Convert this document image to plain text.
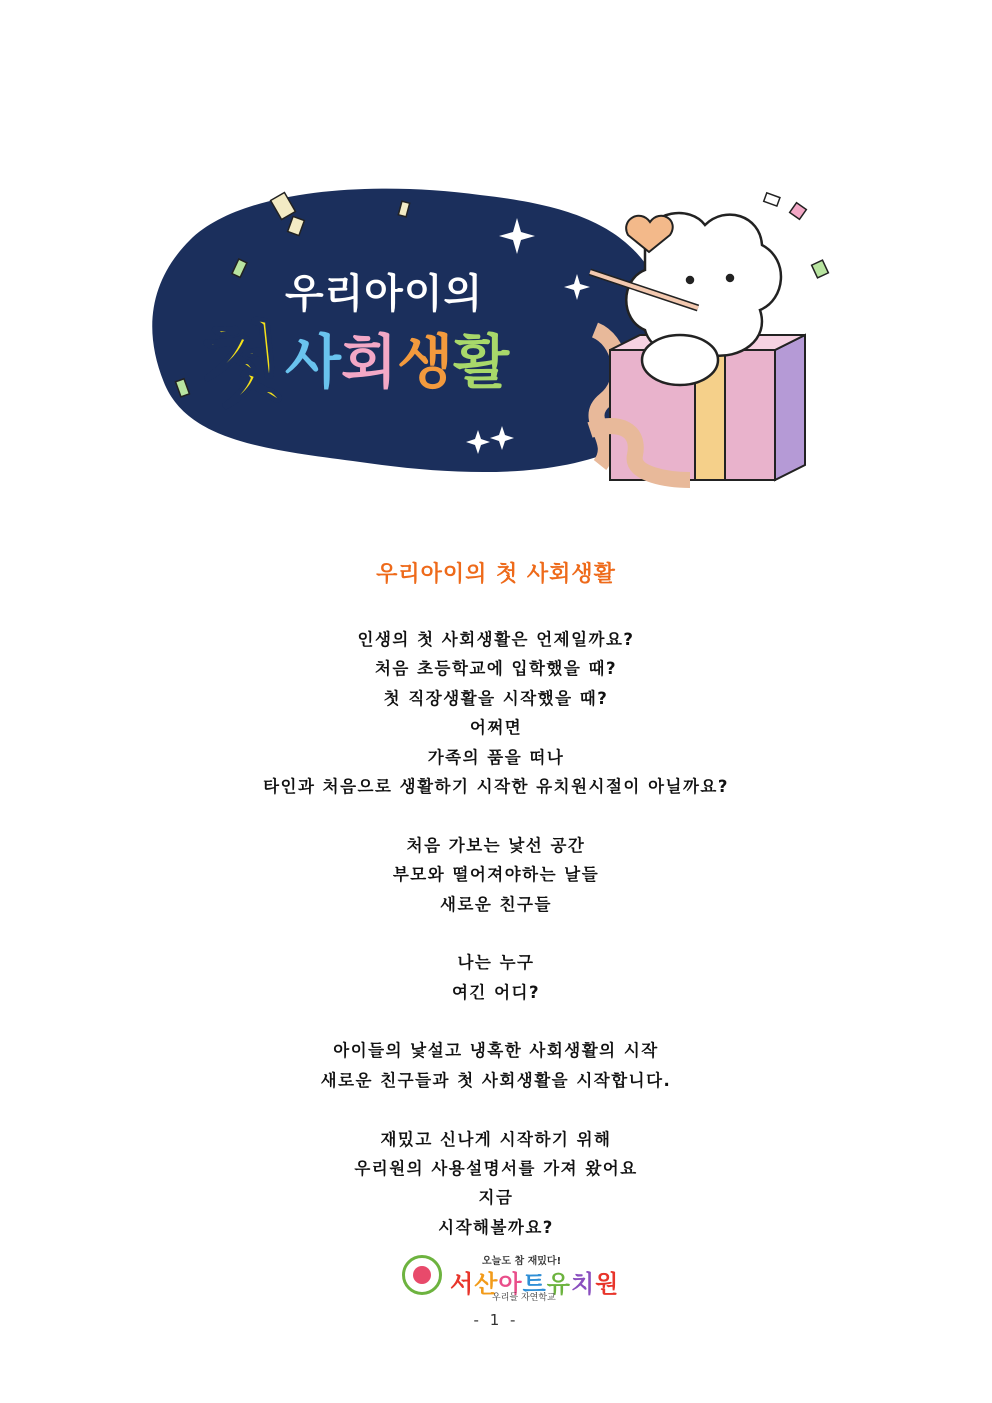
우리아이의
첫사회생활
우리아이의 첫 사회생활
인생의 첫 사회생활은 언제일까요?
처음 초등학교에 입학했을 때?
첫 직장생활을 시작했을 때?
어쩌면
가족의 품을 떠나
타인과 처음으로 생활하기 시작한 유치원시절이 아닐까요?
처음 가보는 낯선 공간
부모와 떨어져야하는 날들
새로운 친구들
나는 누구
여긴 어디?
아이들의 낯설고 냉혹한 사회생활의 시작
새로운 친구들과 첫 사회생활을 시작합니다.
재밌고 신나게 시작하기 위해
우리원의 사용설명서를 가져 왔어요
지금
시작해볼까요?
오늘도 참 재밌다!
서산아트유치원
우리들 자연학교
- 1 -
